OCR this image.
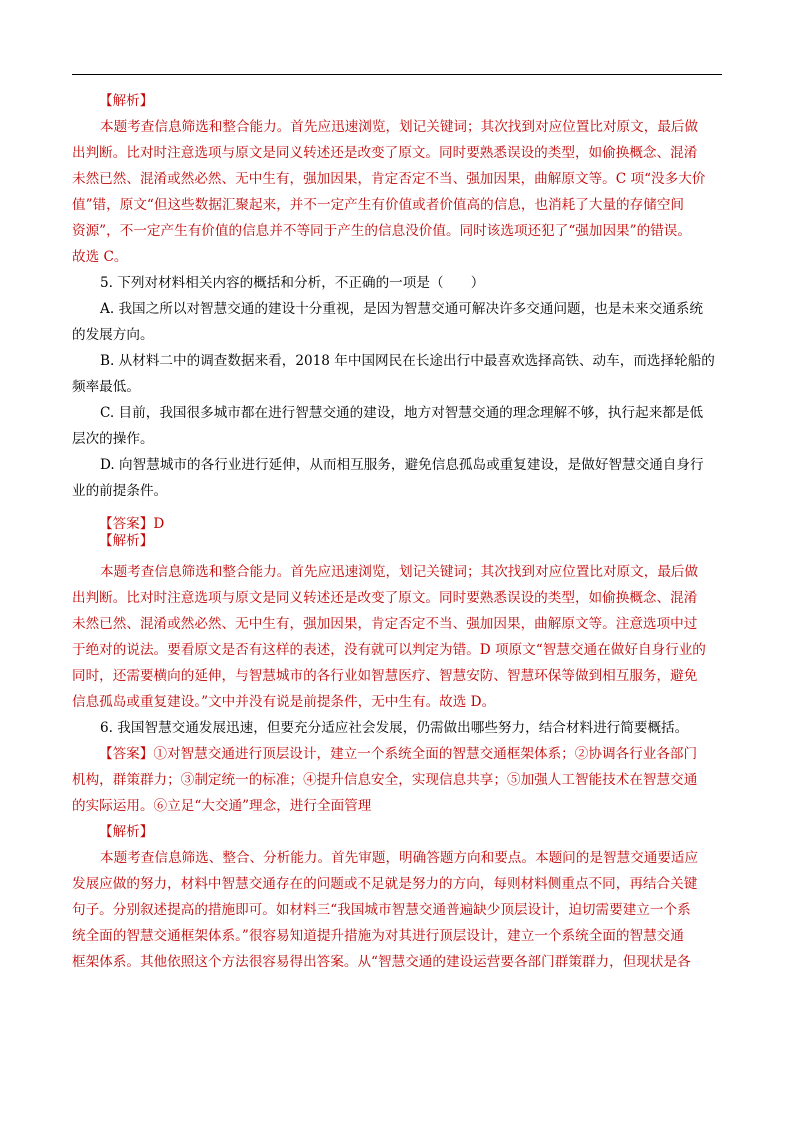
【解析】
本题考查信息筛选和整合能力。首先应迅速浏览，划记关键词；其次找到对应位置比对原文，最后做
出判断。比对时注意选项与原文是同义转述还是改变了原文。同时要熟悉误设的类型，如偷换概念、混淆
未然已然、混淆或然必然、无中生有，强加因果，肯定否定不当、强加因果，曲解原文等。C 项“没多大价
值”错，原文“但这些数据汇聚起来，并不一定产生有价值或者价值高的信息，也消耗了大量的存储空间
资源”，不一定产生有价值的信息并不等同于产生的信息没价值。同时该选项还犯了“强加因果”的错误。
故选 C。
5. 下列对材料相关内容的概括和分析，不正确的一项是（　　）
A. 我国之所以对智慧交通的建设十分重视，是因为智慧交通可解决许多交通问题，也是未来交通系统
的发展方向。
B. 从材料二中的调查数据来看，2018 年中国网民在长途出行中最喜欢选择高铁、动车，而选择轮船的
频率最低。
C. 目前，我国很多城市都在进行智慧交通的建设，地方对智慧交通的理念理解不够，执行起来都是低
层次的操作。
D. 向智慧城市的各行业进行延伸，从而相互服务，避免信息孤岛或重复建设，是做好智慧交通自身行
业的前提条件。
【答案】D
【解析】
本题考查信息筛选和整合能力。首先应迅速浏览，划记关键词；其次找到对应位置比对原文，最后做
出判断。比对时注意选项与原文是同义转述还是改变了原文。同时要熟悉误设的类型，如偷换概念、混淆
未然已然、混淆或然必然、无中生有，强加因果，肯定否定不当、强加因果，曲解原文等。注意选项中过
于绝对的说法。要看原文是否有这样的表述，没有就可以判定为错。D 项原文“智慧交通在做好自身行业的
同时，还需要横向的延伸，与智慧城市的各行业如智慧医疗、智慧安防、智慧环保等做到相互服务，避免
信息孤岛或重复建设。”文中并没有说是前提条件，无中生有。故选 D。
6. 我国智慧交通发展迅速，但要充分适应社会发展，仍需做出哪些努力，结合材料进行简要概括。
【答案】①对智慧交通进行顶层设计，建立一个系统全面的智慧交通框架体系；②协调各行业各部门
机构，群策群力；③制定统一的标准；④提升信息安全，实现信息共享；⑤加强人工智能技术在智慧交通
的实际运用。⑥立足“大交通”理念，进行全面管理
【解析】
本题考查信息筛选、整合、分析能力。首先审题，明确答题方向和要点。本题问的是智慧交通要适应
发展应做的努力，材料中智慧交通存在的问题或不足就是努力的方向，每则材料侧重点不同，再结合关键
句子。分别叙述提高的措施即可。如材料三“我国城市智慧交通普遍缺少顶层设计，迫切需要建立一个系
统全面的智慧交通框架体系。”很容易知道提升措施为对其进行顶层设计，建立一个系统全面的智慧交通
框架体系。其他依照这个方法很容易得出答案。从“智慧交通的建设运营要各部门群策群力，但现状是各
